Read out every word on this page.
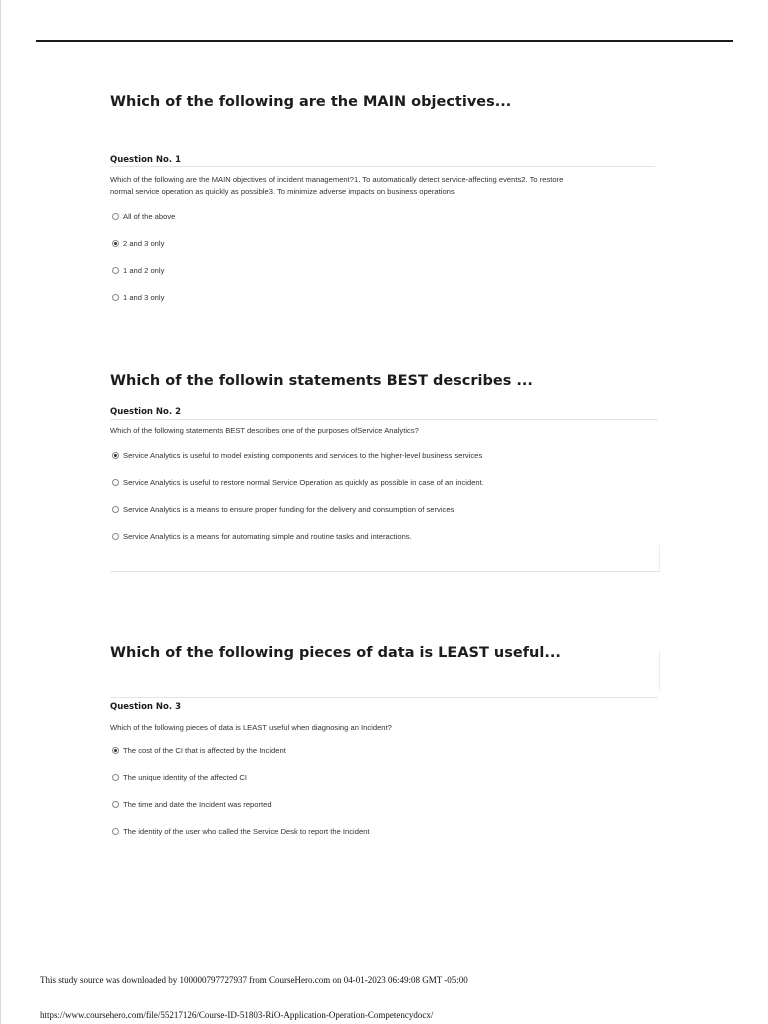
Which of the following are the MAIN objectives...
Question No. 1
Which of the following are the MAIN objectives of incident management?1. To automatically detect service-affecting events2. To restore
normal service operation as quickly as possible3. To minimize adverse impacts on business operations
All of the above
2 and 3 only
1 and 2 only
1 and 3 only
Which of the followin statements BEST describes ...
Question No. 2
Which of the following statements BEST describes one of the purposes ofService Analytics?
Service Analytics is useful to model existing components and services to the higher-level business services
Service Analytics is useful to restore normal Service Operation as quickly as possible in case of an incident.
Service Analytics is a means to ensure proper funding for the delivery and consumption of services
Service Analytics is a means for automating simple and routine tasks and interactions.
Which of the following pieces of data is LEAST useful...
Question No. 3
Which of the following pieces of data is LEAST useful when diagnosing an Incident?
The cost of the CI that is affected by the Incident
The unique identity of the affected CI
The time and date the Incident was reported
The identity of the user who called the Service Desk to report the Incident
This study source was downloaded by 100000797727937 from CourseHero.com on 04-01-2023 06:49:08 GMT -05:00
https://www.coursehero.com/file/55217126/Course-ID-51803-RiO-Application-Operation-Competencydocx/
